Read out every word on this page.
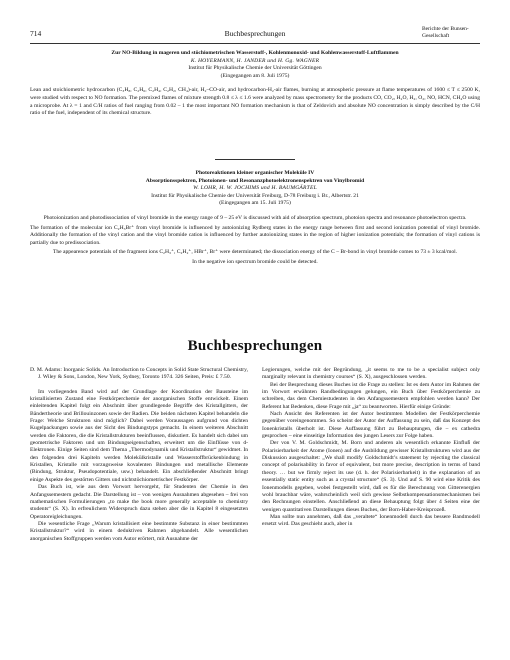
714	Buchbesprechungen	Berichte der Bunsen-Gesellschaft
Zur NO-Bildung in mageren und stöchiometrischen Wasserstoff-, Kohlenmonoxid- und Kohlenwasserstoff-Luftflammen
K. HOYERMANN, H. JANDER und H. Gg. WAGNER
Institut für Physikalische Chemie der Universität Göttingen
(Eingegangen am 8. Juli 1975)
Lean and stoichiometric hydrocarbon (C₃H₈, C₂H₆, C₂H₄, C₂H₂, CH₄)-air, H₂–CO-air, and hydrocarbon-H₂-air flames, burning at atmospheric pressure at flame temperatures of 1600 ≤ T ≤ 2500 K, were studied with respect to NO formation. The premixed flames of mixture strength 0.8 ≤ λ ≤ 1.6 were analyzed by mass spectrometry for the products CO, CO₂, H₂O, H₂, O₂, NO, HCN, CH₄O using a microprobe. At λ = 1 and C/H ratios of fuel ranging from 0.02 – 1 the most important NO formation mechanism is that of Zeldovich and absolute NO concentration is simply described by the C/H ratio of the fuel, independent of its chemical structure.
Photoreaktionen kleiner organischer Moleküle IV
Absorptionsspektren, Photoionen- und Resonanzphotoelektronenspektren von Vinylbromid
W. LOHR, H. W. JOCHIMS und H. BAUMGÄRTEL
Institut für Physikalische Chemie der Universität Freiburg, D-78 Freiburg i. Br., Albertstr. 21
(Eingegangen am 15. Juli 1975)
Photoionization and photodissociation of vinyl bromide in the energy range of 9 – 25 eV is discussed with aid of absorption spectrum, photoion spectra and resonance photoelectron spectra.
The formation of the molecular ion C₂H₃Br⁺ from vinyl bromide is influenced by autoionizing Rydberg states in the energy range between first and second ionization potential of vinyl bromide. Additionally the formation of the vinyl cation and the vinyl bromide cation is influenced by further autoionizing states in the region of higher ionization potentials; the formation of vinyl cations is partially due to predissociation.
The appearence potentials of the fragment ions C₂H₃⁺, C₂H₂⁺, HBr⁺, Br⁺ were determinated; the dissociation energy of the C – Br-bond in vinyl bromide comes to 73 ± 3 kcal/mol.
In the negative ion spectrum bromide could be detected.
Buchbesprechungen
D. M. Adams: Inorganic Solids. An Introduction to Concepts in Solid State Structural Chemistry, J. Wiley & Sons, London, New York, Sydney, Toronto 1974. 326 Seiten, Preis: £ 7.50.
Im vorliegenden Band wird auf der Grundlage der Koordination der Bausteine im kristallisierten Zustand eine Festkörperchemie der anorganischen Stoffe entwickelt. Einem einleitenden Kapitel folgt ein Abschnitt über grundlegende Begriffe des Kristallgitters, der Bändertheorie und Brillouinzonen sowie der Radien. Die beiden nächsten Kapitel behandeln die Frage: Welche Strukturen sind möglich? Dabei werden Voraussagen aufgrund von dichten Kugelpackungen sowie aus der Sicht des Bindungstyps gemacht. In einem weiteren Abschnitt werden die Faktoren, die die Kristallstrukturen beeinflussen, diskutiert. Es handelt sich dabei um geometrische Faktoren und um Bindungseigenschaften, erweitert um die Einflüsse von d-Elektronen. Einige Seiten sind dem Thema „Thermodynamik und Kristallstruktur“ gewidmet. In den folgenden drei Kapiteln werden Molekülkristalle und Wasserstoffbrückenbindung in Kristallen, Kristalle mit vorzugsweise kovalenten Bindungen und metallische Elemente (Bindung, Struktur, Pseudopotentiale, usw.) behandelt. Ein abschließender Abschnitt bringt einige Aspekte des gestörten Gitters und nichtstöchiometrischer Festkörper.
Das Buch ist, wie aus dem Vorwort hervorgeht, für Studenten der Chemie in den Anfangssemestern gedacht. Die Darstellung ist – von wenigen Ausnahmen abgesehen – frei von mathematischen Formulierungen „to make the book more generally acceptable to chemistry students“ (S. X). In erfreulichem Widerspruch dazu stehen aber die in Kapitel 8 eingesetzten Operatoreigleichungen.
Die wesentliche Frage „Warum kristallisiert eine bestimmte Substanz in einer bestimmten Kristallstruktur?“ wird in einem deduktiven Rahmen abgehandelt. Alle wesentlichen anorganischen Stoffgruppen werden vom Autor erörtert, mit Ausnahme der
Legierungen, welche mit der Begründung, „it seems to me to be a specialist subject only marginally relevant in chemistry courses“ (S. X), ausgeschlossen werden.
Bei der Besprechung dieses Buches ist die Frage zu stellen: Ist es dem Autor im Rahmen der im Vorwort erwähnten Randbedingungen gelungen, ein Buch über Festkörperchemie zu schreiben, das dem Chemiestudenten in den Anfangssemestern empfohlen werden kann? Der Referent hat Bedenken, diese Frage mit „ja“ zu beantworten. Hierfür einige Gründe:
Nach Ansicht des Referenten ist der Autor bestimmten Modellen der Festkörperchemie gegenüber voreingenommen. So scheint der Autor der Auffassung zu sein, daß das Konzept des Ionenkristalls überholt ist. Diese Auffassung führt zu Behauptungen, die – ex cathedra gesprochen – eine einseitige Information des jungen Lesers zur Folge haben.
Der von V. M. Goldschmidt, M. Born und anderen als wesentlich erkannte Einfluß der Polarisierbarkeit der Atome (Ionen) auf die Ausbildung gewisser Kristallstrukturen wird aus der Diskussion ausgeschaltet: „We shall modify Goldschmidt’s statement by rejecting the classical concept of polarisability in favor of equivalent, but more precise, description in terms of band theory. … but we firmly reject its use (d. h. der Polarisierbarkeit) in the explanation of an essentially static entity such as a crystal structure“ (S. 3). Und auf S. 90 wird eine Kritik des Ionenmodells gegeben, wobei festgestellt wird, daß es für die Berechnung von Gitterenergien wohl brauchbar wäre, wahrscheinlich weil sich gewisse Selbstkompensationsmechanismen bei den Rechnungen einstellen. Anschließend an diese Behauptung folgt über 4 Seiten eine der wenigen quantitativen Darstellungen dieses Buches, der Born-Haber-Kreisprozeß.
Man sollte nun annehmen, daß das „veraltete“ Ionenmodell durch das bessere Bandmodell ersetzt wird. Das geschieht auch, aber in
